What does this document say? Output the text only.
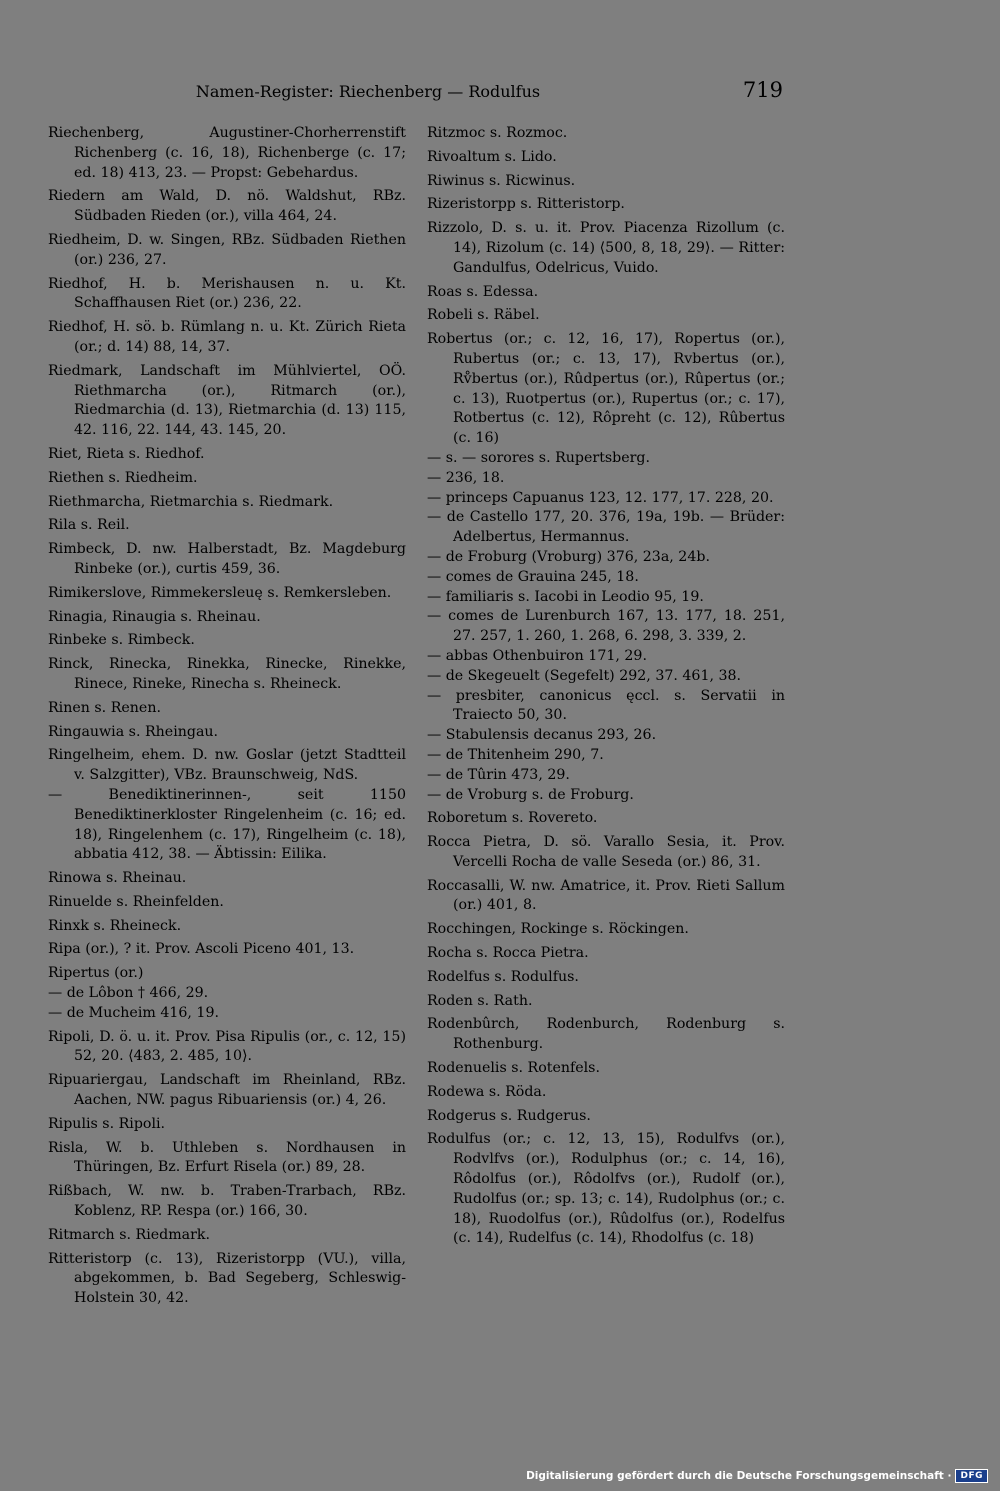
Namen-Register: Riechenberg — Rodulfus	719
Riechenberg, Augustiner-Chorherrenstift Richenberg (c. 16, 18), Richenberge (c. 17; ed. 18) 413, 23. — Propst: Gebehardus.
Riedern am Wald, D. nö. Waldshut, RBz. Südbaden Rieden (or.), villa 464, 24.
Riedheim, D. w. Singen, RBz. Südbaden Riethen (or.) 236, 27.
Riedhof, H. b. Merishausen n. u. Kt. Schaffhausen Riet (or.) 236, 22.
Riedhof, H. sö. b. Rümlang n. u. Kt. Zürich Rieta (or.; d. 14) 88, 14, 37.
Riedmark, Landschaft im Mühlviertel, OÖ. Riethmarcha (or.), Ritmarch (or.), Riedmarchia (d. 13), Rietmarchia (d. 13) 115, 42. 116, 22. 144, 43. 145, 20.
Riet, Rieta s. Riedhof.
Riethen s. Riedheim.
Riethmarcha, Rietmarchia s. Riedmark.
Rila s. Reil.
Rimbeck, D. nw. Halberstadt, Bz. Magdeburg Rinbeke (or.), curtis 459, 36.
Rimikerslove, Rimmekersleuę s. Remkersleben.
Rinagia, Rinaugia s. Rheinau.
Rinbeke s. Rimbeck.
Rinck, Rinecka, Rinekka, Rinecke, Rinekke, Rinece, Rineke, Rinecha s. Rheineck.
Rinen s. Renen.
Ringauwia s. Rheingau.
Ringelheim, ehem. D. nw. Goslar (jetzt Stadtteil v. Salzgitter), VBz. Braunschweig, NdS.
— Benediktinerinnen-, seit 1150 Benediktinerkloster Ringelenheim (c. 16; ed. 18), Ringelenhem (c. 17), Ringelheim (c. 18), abbatia 412, 38. — Äbtissin: Eilika.
Rinowa s. Rheinau.
Rinuelde s. Rheinfelden.
Rinxk s. Rheineck.
Ripa (or.), ? it. Prov. Ascoli Piceno 401, 13.
Ripertus (or.)
— de Lôbon † 466, 29.
— de Mucheim 416, 19.
Ripoli, D. ö. u. it. Prov. Pisa Ripulis (or., c. 12, 15) 52, 20. ⟨483, 2. 485, 10⟩.
Ripuariergau, Landschaft im Rheinland, RBz. Aachen, NW. pagus Ribuariensis (or.) 4, 26.
Ripulis s. Ripoli.
Risla, W. b. Uthleben s. Nordhausen in Thüringen, Bz. Erfurt Risela (or.) 89, 28.
Rißbach, W. nw. b. Traben-Trarbach, RBz. Koblenz, RP. Respa (or.) 166, 30.
Ritmarch s. Riedmark.
Ritteristorp (c. 13), Rizeristorpp (VU.), villa, abgekommen, b. Bad Segeberg, Schleswig-Holstein 30, 42.
Ritzmoc s. Rozmoc.
Rivoaltum s. Lido.
Riwinus s. Ricwinus.
Rizeristorpp s. Ritteristorp.
Rizzolo, D. s. u. it. Prov. Piacenza Rizollum (c. 14), Rizolum (c. 14) ⟨500, 8, 18, 29⟩. — Ritter: Gandulfus, Odelricus, Vuido.
Roas s. Edessa.
Robeli s. Räbel.
Robertus (or.; c. 12, 16, 17), Ropertus (or.), Rubertus (or.; c. 13, 17), Rvbertus (or.), Rv̊bertus (or.), Rûdpertus (or.), Rûpertus (or.; c. 13), Ruotpertus (or.), Rupertus (or.; c. 17), Rotbertus (c. 12), Rôpreht (c. 12), Rûbertus (c. 16)
— s. — sorores s. Rupertsberg.
— 236, 18.
— princeps Capuanus 123, 12. 177, 17. 228, 20.
— de Castello 177, 20. 376, 19a, 19b. — Brüder: Adelbertus, Hermannus.
— de Froburg (Vroburg) 376, 23a, 24b.
— comes de Grauina 245, 18.
— familiaris s. Iacobi in Leodio 95, 19.
— comes de Lurenburch 167, 13. 177, 18. 251, 27. 257, 1. 260, 1. 268, 6. 298, 3. 339, 2.
— abbas Othenbuiron 171, 29.
— de Skegeuelt (Segefelt) 292, 37. 461, 38.
— presbiter, canonicus ęccl. s. Servatii in Traiecto 50, 30.
— Stabulensis decanus 293, 26.
— de Thitenheim 290, 7.
— de Tûrin 473, 29.
— de Vroburg s. de Froburg.
Roboretum s. Rovereto.
Rocca Pietra, D. sö. Varallo Sesia, it. Prov. Vercelli Rocha de valle Seseda (or.) 86, 31.
Roccasalli, W. nw. Amatrice, it. Prov. Rieti Sallum (or.) 401, 8.
Rocchingen, Rockinge s. Röckingen.
Rocha s. Rocca Pietra.
Rodelfus s. Rodulfus.
Roden s. Rath.
Rodenbûrch, Rodenburch, Rodenburg s. Rothenburg.
Rodenuelis s. Rotenfels.
Rodewa s. Röda.
Rodgerus s. Rudgerus.
Rodulfus (or.; c. 12, 13, 15), Rodulfvs (or.), Rodvlfvs (or.), Rodulphus (or.; c. 14, 16), Rôdolfus (or.), Rôdolfvs (or.), Rudolf (or.), Rudolfus (or.; sp. 13; c. 14), Rudolphus (or.; c. 18), Ruodolfus (or.), Rûdolfus (or.), Rodelfus (c. 14), Rudelfus (c. 14), Rhodolfus (c. 18)
Digitalisierung gefördert durch die Deutsche Forschungsgemeinschaft ·	DFG
